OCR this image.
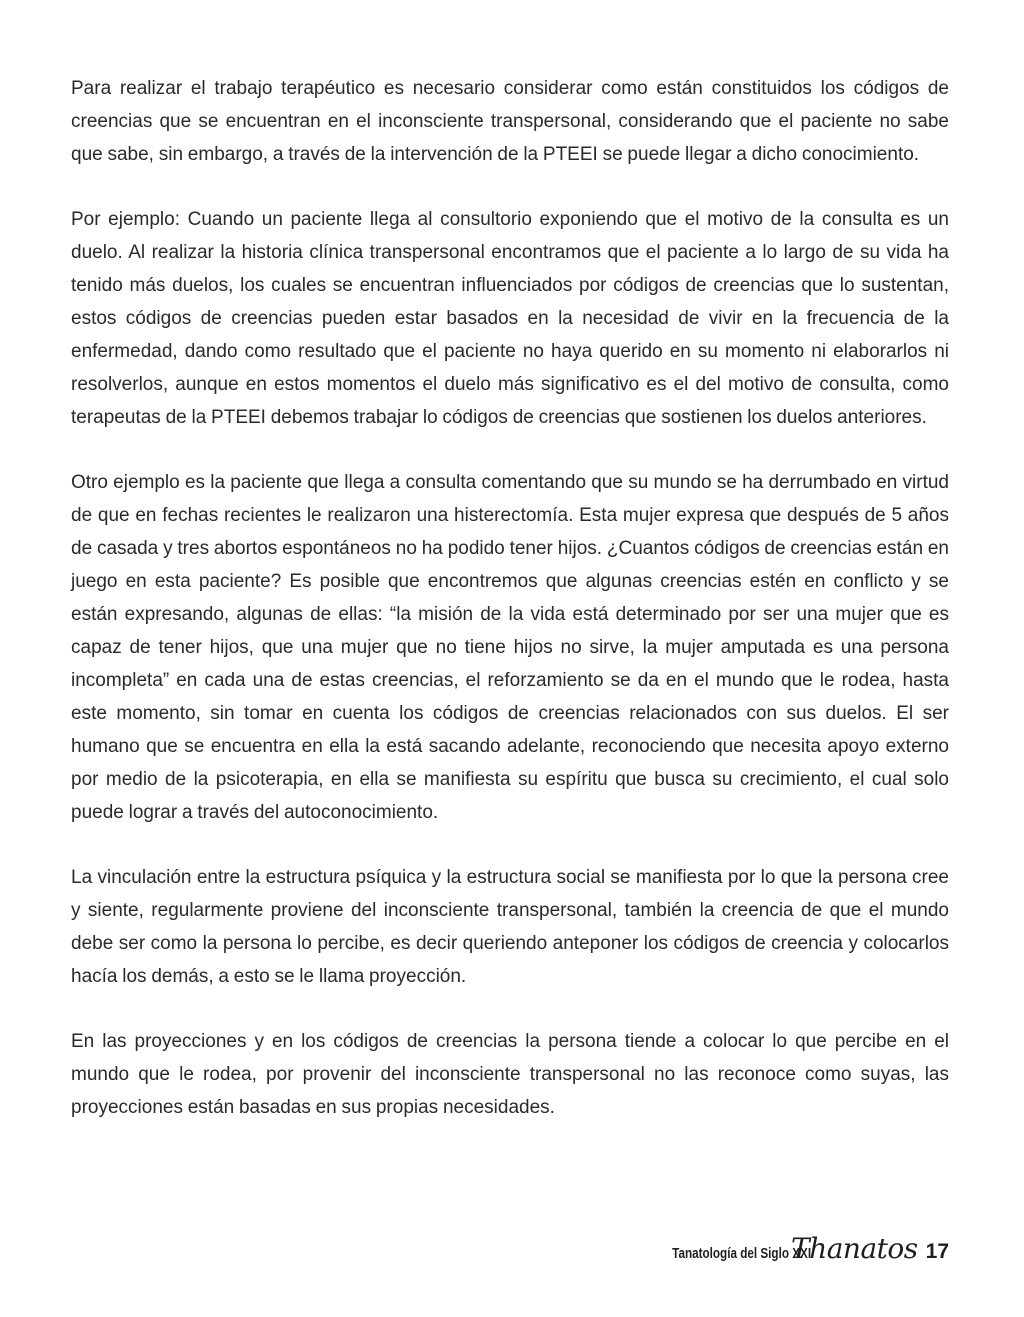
Para realizar el trabajo terapéutico es necesario considerar como están constituidos los códigos de creencias que se encuentran en el inconsciente transpersonal, considerando que el paciente no sabe que sabe, sin embargo, a través de la intervención de la PTEEI se puede llegar a dicho conocimiento.

Por ejemplo: Cuando un paciente llega al consultorio exponiendo que el motivo de la consulta es un duelo. Al realizar la historia clínica transpersonal encontramos que el paciente a lo largo de su vida ha tenido más duelos, los cuales se encuentran influenciados por códigos de creencias que lo sustentan, estos códigos de creencias pueden estar basados en la necesidad de vivir en la frecuencia de la enfermedad, dando como resultado que el paciente no haya querido en su momento ni elaborarlos ni resolverlos, aunque en estos momentos el duelo más significativo es el del motivo de consulta, como terapeutas de la PTEEI debemos trabajar lo códigos de creencias que sostienen los duelos anteriores.

Otro ejemplo es la paciente que llega a consulta comentando que su mundo se ha derrumbado en virtud de que en fechas recientes le realizaron una histerectomía. Esta mujer expresa que después de 5 años de casada y tres abortos espontáneos no ha podido tener hijos. ¿Cuantos códigos de creencias están en juego en esta paciente? Es posible que encontremos que algunas creencias estén en conflicto y se están expresando, algunas de ellas: “la misión de la vida está determinado por ser una mujer que es capaz de tener hijos, que una mujer que no tiene hijos no sirve, la mujer amputada es una persona incompleta” en cada una de estas creencias, el reforzamiento se da en el mundo que le rodea, hasta este momento, sin tomar en cuenta los códigos de creencias relacionados con sus duelos. El ser humano que se encuentra en ella la está sacando adelante, reconociendo que necesita apoyo externo por medio de la psicoterapia, en ella se manifiesta su espíritu que busca su crecimiento, el cual solo puede lograr a través del autoconocimiento.

La vinculación entre la estructura psíquica y la estructura social se manifiesta por lo que la persona cree y siente, regularmente proviene del inconsciente transpersonal, también la creencia de que el mundo debe ser como la persona lo percibe, es decir queriendo anteponer los códigos de creencia y colocarlos hacía los demás, a esto se le llama proyección.

En las proyecciones y en los códigos de creencias la persona tiende a colocar lo que percibe en el mundo que le rodea, por provenir del inconsciente transpersonal no las reconoce como suyas, las proyecciones están basadas en sus propias necesidades.

Tanatología del Siglo XXI
Thanatos 17
